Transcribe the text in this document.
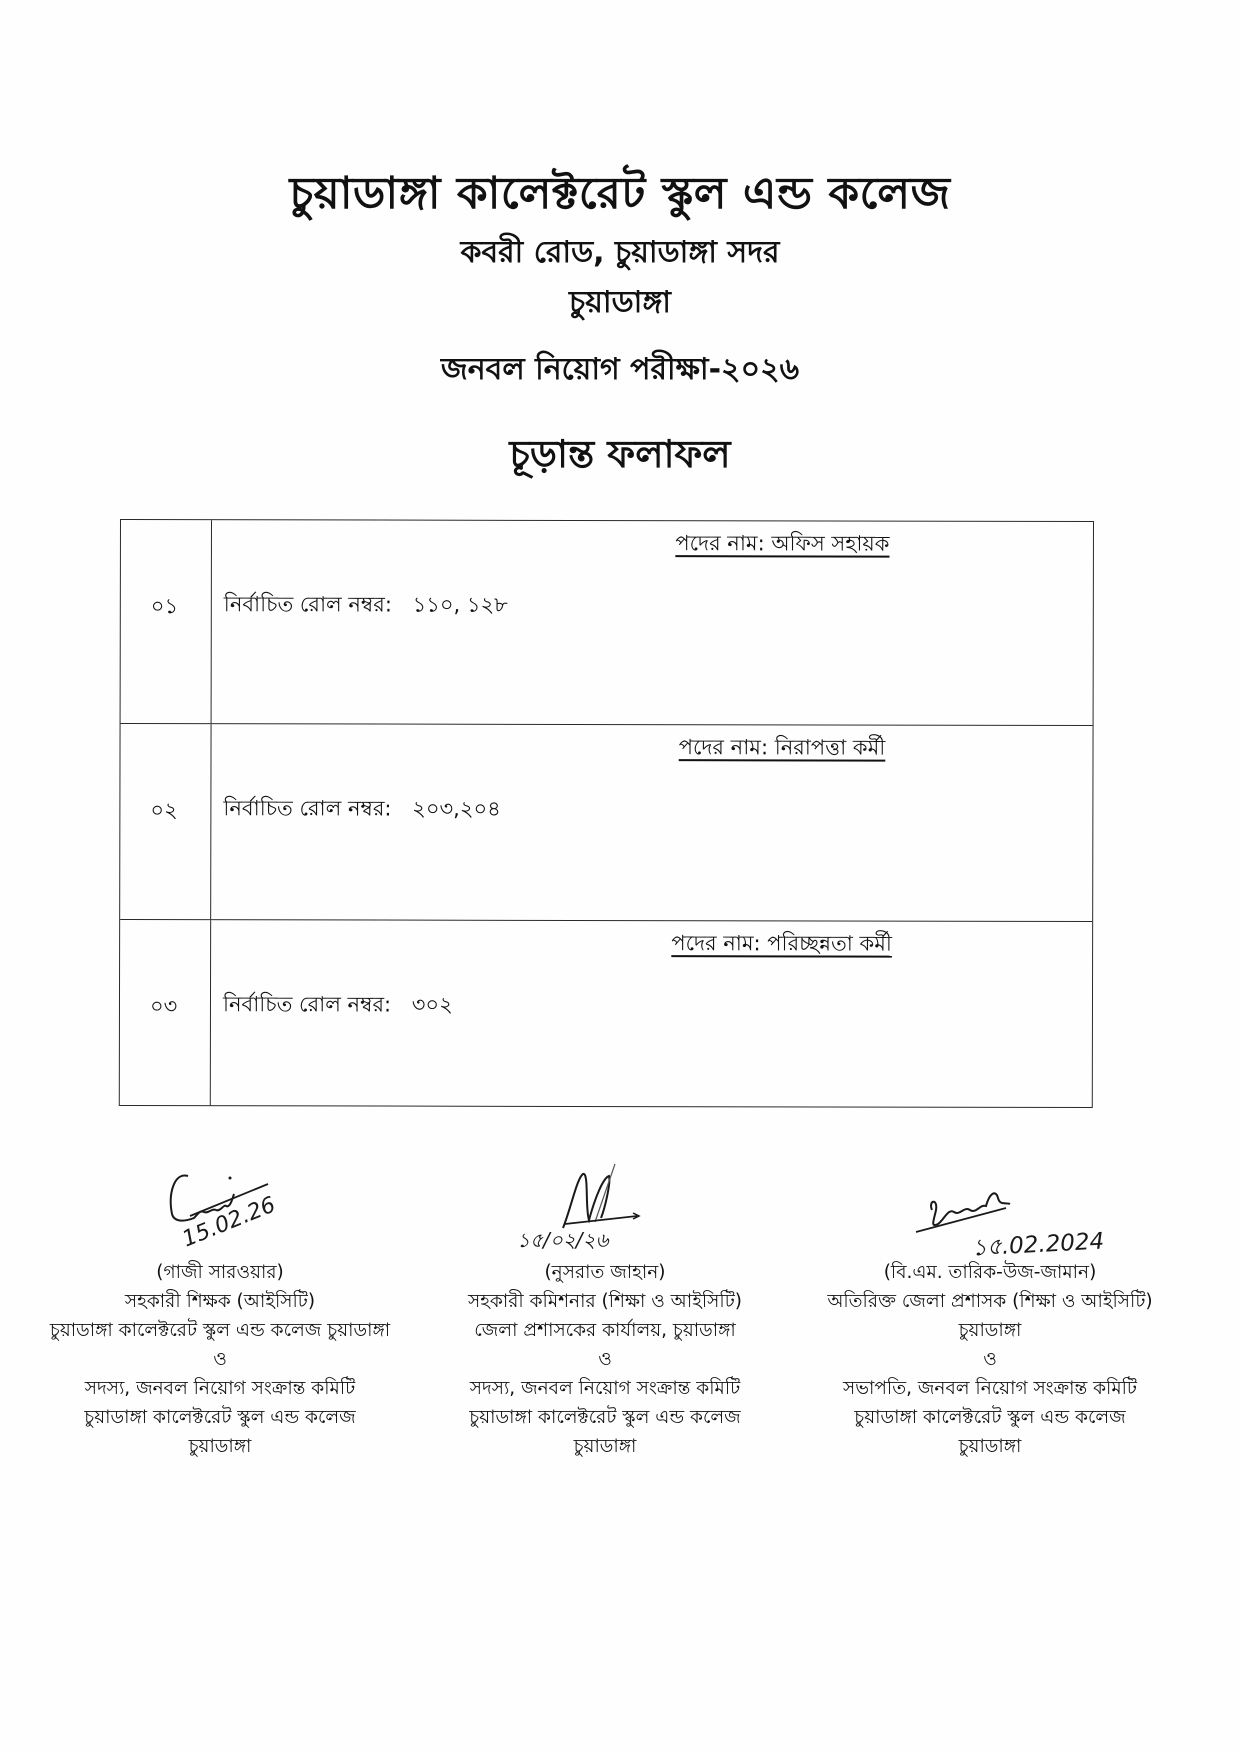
চুয়াডাঙ্গা কালেক্টরেট স্কুল এন্ড কলেজ
কবরী রোড, চুয়াডাঙ্গা সদর
চুয়াডাঙ্গা
জনবল নিয়োগ পরীক্ষা-২০২৬
চূড়ান্ত ফলাফল
০১
পদের নাম: অফিস সহায়ক
নির্বাচিত রোল নম্বর: ১১০, ১২৮
০২
পদের নাম: নিরাপত্তা কর্মী
নির্বাচিত রোল নম্বর: ২০৩,২০৪
০৩
পদের নাম: পরিচ্ছন্নতা কর্মী
নির্বাচিত রোল নম্বর: ৩০২
15.02.26
(গাজী সারওয়ার)
সহকারী শিক্ষক (আইসিটি)
চুয়াডাঙ্গা কালেক্টরেট স্কুল এন্ড কলেজ চুয়াডাঙ্গা
ও
সদস্য, জনবল নিয়োগ সংক্রান্ত কমিটি
চুয়াডাঙ্গা কালেক্টরেট স্কুল এন্ড কলেজ
চুয়াডাঙ্গা
১৫/০২/২৬
(নুসরাত জাহান)
সহকারী কমিশনার (শিক্ষা ও আইসিটি)
জেলা প্রশাসকের কার্যালয়, চুয়াডাঙ্গা
ও
সদস্য, জনবল নিয়োগ সংক্রান্ত কমিটি
চুয়াডাঙ্গা কালেক্টরেট স্কুল এন্ড কলেজ
চুয়াডাঙ্গা
১৫.02.2024
(বি.এম. তারিক-উজ-জামান)
অতিরিক্ত জেলা প্রশাসক (শিক্ষা ও আইসিটি)
চুয়াডাঙ্গা
ও
সভাপতি, জনবল নিয়োগ সংক্রান্ত কমিটি
চুয়াডাঙ্গা কালেক্টরেট স্কুল এন্ড কলেজ
চুয়াডাঙ্গা
